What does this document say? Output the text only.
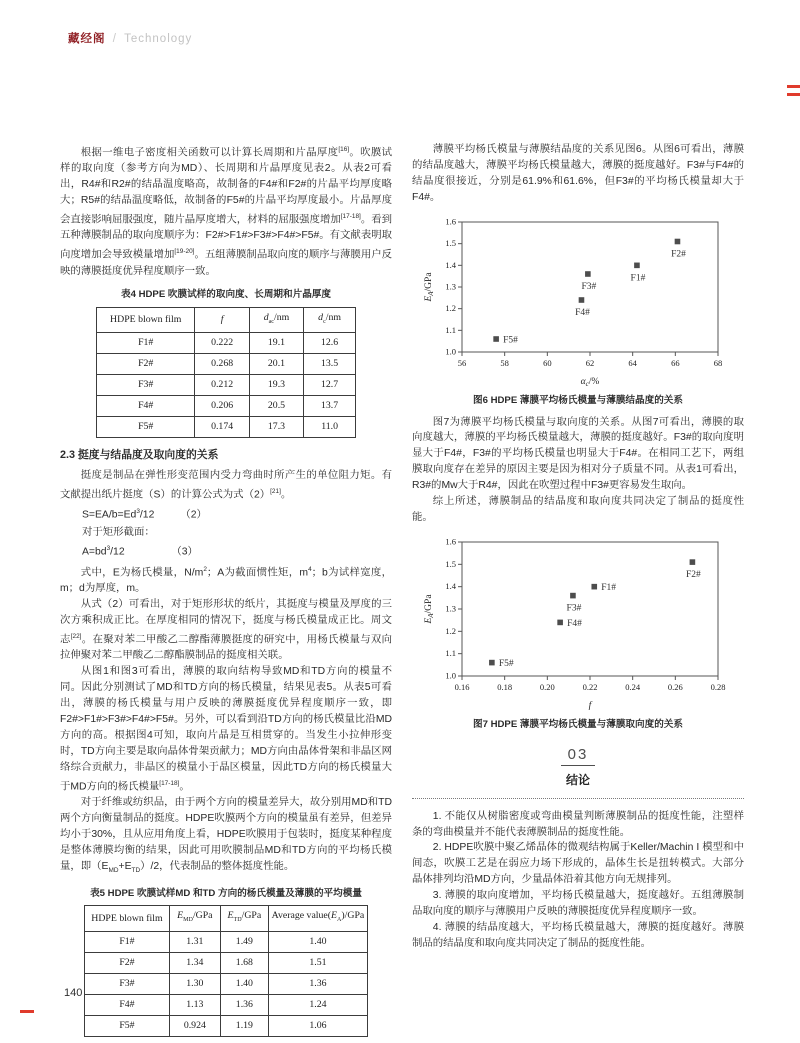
藏经阁 / Technology

根据一维电子密度相关函数可以计算长周期和片晶厚度[16]。吹膜试样的取向度（参考方向为MD）、长周期和片晶厚度见表2。从表2可看出，R4#和R2#的结晶温度略高，故制备的F4#和F2#的片晶平均厚度略大；R5#的结晶温度略低，故制备的F5#的片晶平均厚度最小。片晶厚度会直接影响屈服强度，随片晶厚度增大，材料的屈服强度增加[17-18]。看到五种薄膜制品的取向度顺序为：F2#>F1#>F3#>F4#>F5#。有文献表明取向度增加会导致模量增加[19-20]。五组薄膜制品取向度的顺序与薄膜用户反映的薄膜挺度优异程度顺序一致。

表4 HDPE 吹膜试样的取向度、长周期和片晶厚度
HDPE blown film	f	$d_{ac}/nm$	$d_c/nm$
F1#	0.222	19.1	12.6
F2#	0.268	20.1	13.5
F3#	0.212	19.3	12.7
F4#	0.206	20.5	13.7
F5#	0.174	17.3	11.0
2.3 挺度与结晶度及取向度的关系

挺度是制品在弹性形变范围内受力弯曲时所产生的单位阻力矩。有文献提出纸片挺度（S）的计算公式为式（2）[21]。

$S=EA/b=Ed^3/12$　　　（2）
对于矩形截面：
$A=bd^3/12$　　　　　（3）

式中，E为杨氏模量，$N/m^2$；A为截面惯性矩，$m^4$；b为试样宽度，m；d为厚度，m。

从式（2）可看出，对于矩形形状的纸片，其挺度与模量及厚度的三次方乘积成正比。在厚度相同的情况下，挺度与杨氏模量成正比。周文志[22]。在聚对苯二甲酸乙二醇酯薄膜挺度的研究中，用杨氏模量与双向拉伸聚对苯二甲酸乙二醇酯膜制品的挺度相关联。

从图1和图3可看出，薄膜的取向结构导致MD和TD方向的模量不同。因此分别测试了MD和TD方向的杨氏模量，结果见表5。从表5可看出，薄膜的杨氏模量与用户反映的薄膜挺度优异程度顺序一致，即F2#>F1#>F3#>F4#>F5#。另外，可以看到沿TD方向的杨氏模量比沿MD方向的高。根据图4可知，取向片晶是互相贯穿的。当发生小拉伸形变时，TD方向主要是取向晶体骨架贡献力；MD方向由晶体骨架和非晶区网络综合贡献力，非晶区的模量小于晶区模量，因此TD方向的杨氏模量大于MD方向的杨氏模量[17-18]。

对于纤维或纺织品，由于两个方向的模量差异大，故分别用MD和TD两个方向衡量制品的挺度。HDPE吹膜两个方向的模量虽有差异，但差异均小于30%，且从应用角度上看，HDPE吹膜用于包装时，挺度某种程度是整体薄膜均衡的结果，因此可用吹膜制品MD和TD方向的平均杨氏模量，即$(E_{MD}+E_{TD})/2$，代表制品的整体挺度性能。

表5 HDPE 吹膜试样MD 和TD 方向的杨氏模量及薄膜的平均模量
HDPE blown film	$E_{MD}$/GPa	$E_{TD}$/GPa	Average $value(E_A)$/GPa
F1#	1.31	1.49	1.40
F2#	1.34	1.68	1.51
F3#	1.30	1.40	1.36
F4#	1.13	1.36	1.24
F5#	0.924	1.19	1.06

薄膜平均杨氏模量与薄膜结晶度的关系见图6。从图6可看出，薄膜的结晶度越大，薄膜平均杨氏模量越大，薄膜的挺度越好。F3#与F4#的结晶度很接近，分别是61.9%和61.6%，但F3#的平均杨氏模量却大于F4#。

56	58	60	62	64	66	68
1.0
1.1
1.2
1.3
1.4
1.5
1.6
$\alpha_c/\%$
$E_A$/GPa
F5#
F4#
F3#
F1#
F2#
图6 HDPE 薄膜平均杨氏模量与薄膜结晶度的关系

图7为薄膜平均杨氏模量与取向度的关系。从图7可看出，薄膜的取向度越大，薄膜的平均杨氏模量越大，薄膜的挺度越好。F3#的取向度明显大于F4#，F3#的平均杨氏模量也明显大于F4#。在相同工艺下，两组膜取向度存在差异的原因主要是因为相对分子质量不同。从表1可看出，R3#的Mw大于R4#，因此在吹塑过程中F3#更容易发生取向。

综上所述，薄膜制品的结晶度和取向度共同决定了制品的挺度性能。

0.16	0.18	0.20	0.22	0.24	0.26	0.28
1.0
1.1
1.2
1.3
1.4
1.5
1.6
f
$E_A$/GPa
F5#
F4#
F3#
F1#
F2#
图7 HDPE 薄膜平均杨氏模量与薄膜取向度的关系
03
结论

1. 不能仅从树脂密度或弯曲模量判断薄膜制品的挺度性能，注塑样条的弯曲模量并不能代表薄膜制品的挺度性能。

2. HDPE吹膜中聚乙烯晶体的微观结构属于Keller/Machin I 模型和中间态，吹膜工艺是在弱应力场下形成的，晶体生长是扭转模式。大部分晶体排列均沿MD方向，少量晶体沿着其他方向无规排列。

3. 薄膜的取向度增加，平均杨氏模量越大，挺度越好。五组薄膜制品取向度的顺序与薄膜用户反映的薄膜挺度优异程度顺序一致。

4. 薄膜的结晶度越大，平均杨氏模量越大，薄膜的挺度越好。薄膜制品的结晶度和取向度共同决定了制品的挺度性能。

140
